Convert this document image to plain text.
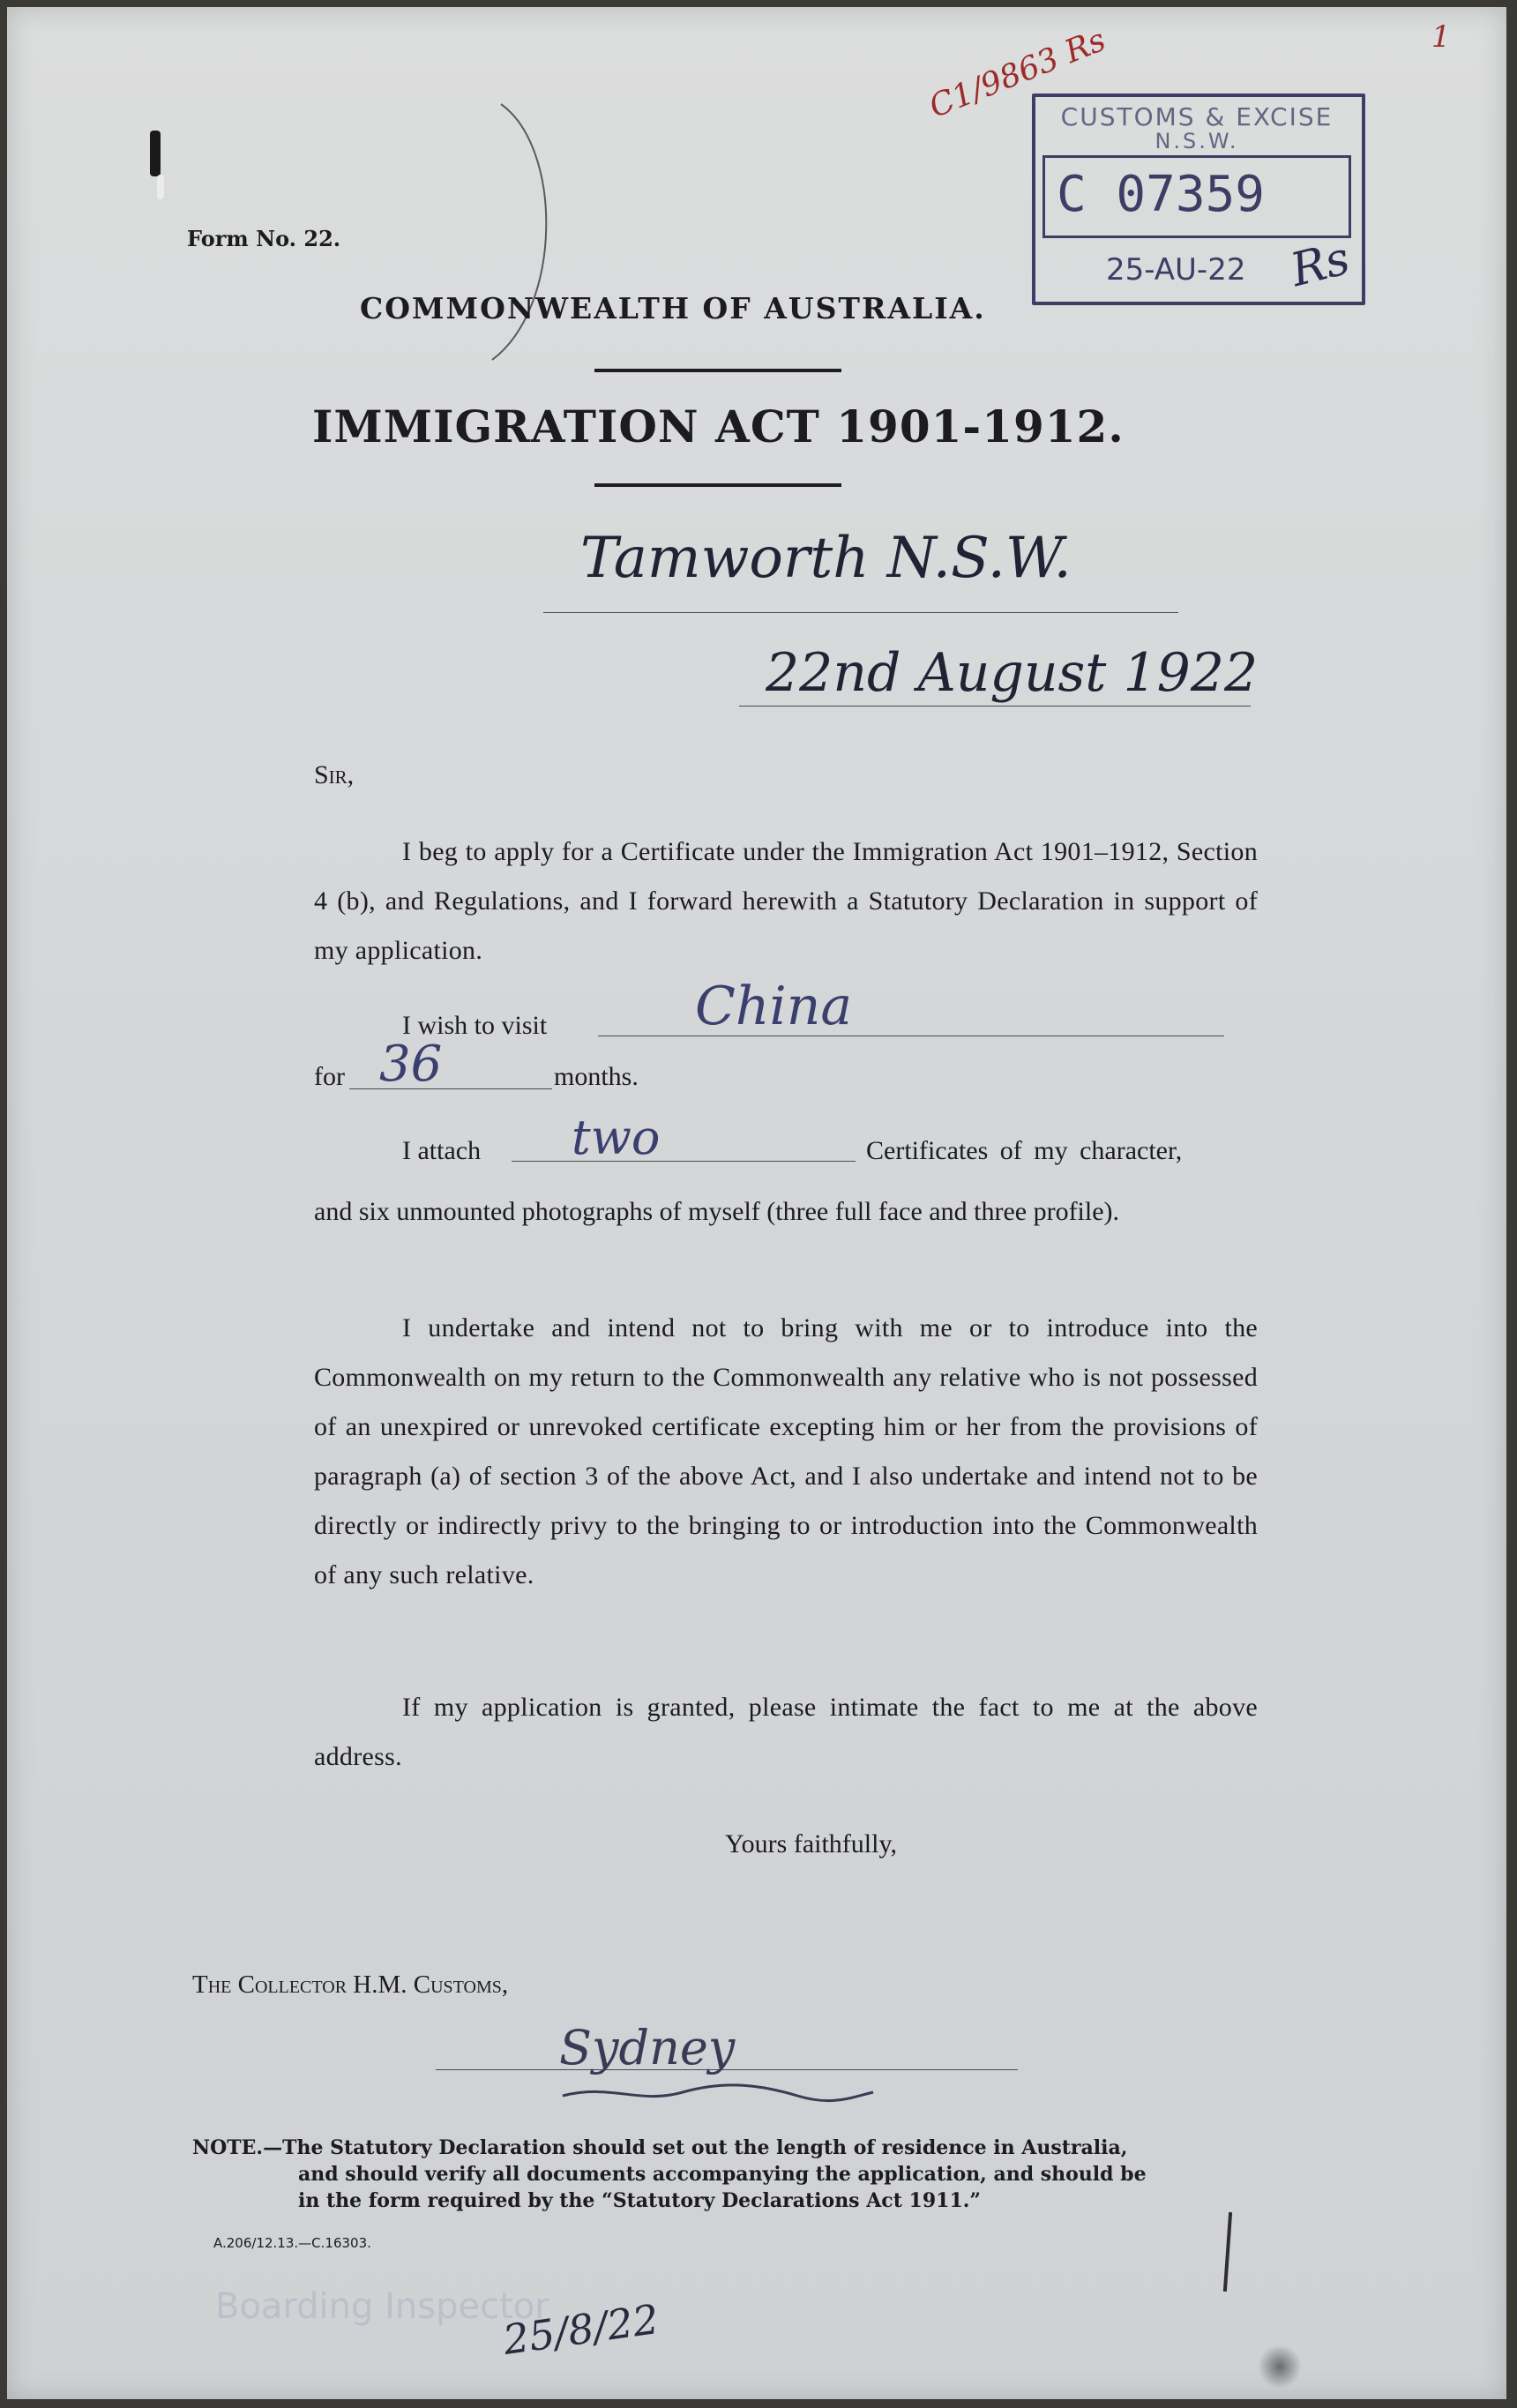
1
Form No. 22.
C1/9863 Rs
CUSTOMS & EXCISE
N.S.W.
C 07359
25-AU-22 Rs
COMMONWEALTH OF AUSTRALIA.
IMMIGRATION ACT 1901-1912.
Tamworth N.S.W.
22nd August 1922
Sir,

I beg to apply for a Certificate under the Immigration Act 1901–1912, Section 4 (b), and Regulations, and I forward herewith a Statutory Declaration in support of my application.

I wish to visit	China
for 36	months.
I attach two	Certificates of my character,
and six unmounted photographs of myself (three full face and three profile).

I undertake and intend not to bring with me or to introduce into the Commonwealth on my return to the Commonwealth any relative who is not possessed of an unexpired or unrevoked certificate excepting him or her from the provisions of paragraph (a) of section 3 of the above Act, and I also undertake and intend not to be directly or indirectly privy to the bringing to or introduction into the Commonwealth of any such relative.

If my application is granted, please intimate the fact to me at the above address.

Yours faithfully,
The Collector H.M. Customs,
Sydney
NOTE.—The Statutory Declaration should set out the length of residence in Australia,
and should verify all documents accompanying the application, and should be
in the form required by the “Statutory Declarations Act 1911.”
A.206/12.13.—C.16303.
Boarding Inspector
25/8/22
